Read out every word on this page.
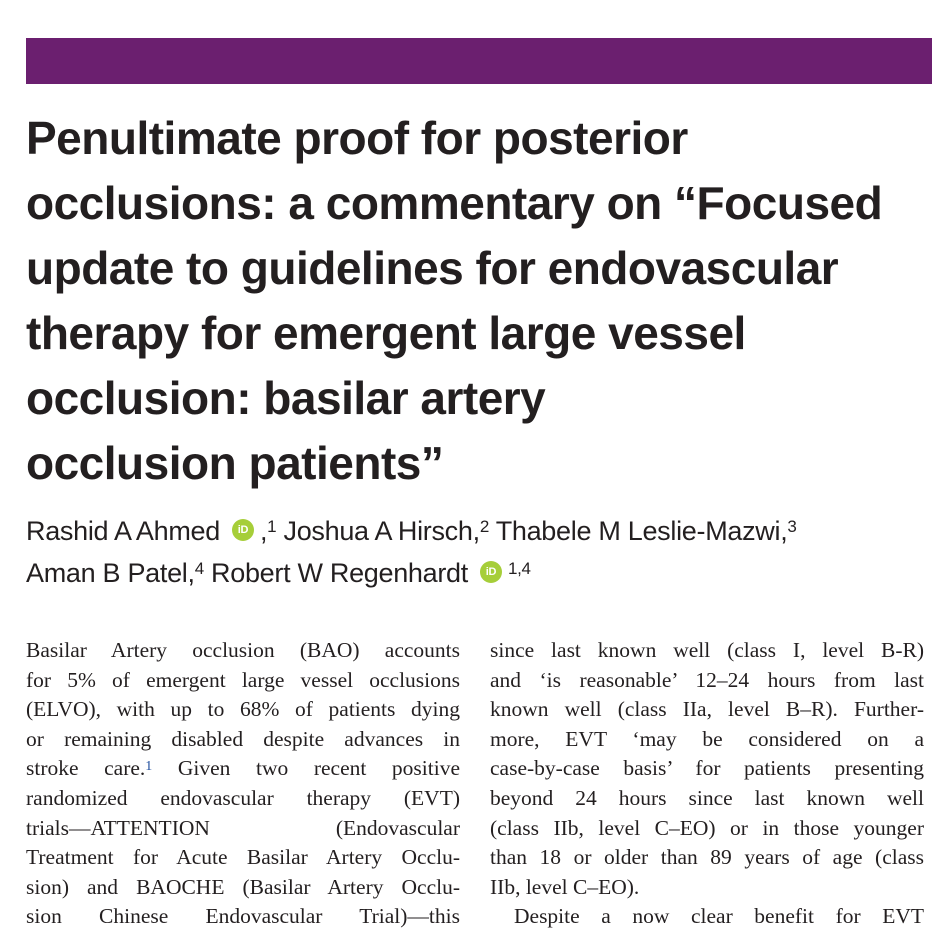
Penultimate proof for posterior
occlusions: a commentary on “Focused
update to guidelines for endovascular
therapy for emergent large vessel
occlusion: basilar artery
occlusion patients”
Rashid A Ahmed iD ,$^1$ Joshua A Hirsch,$^2$ Thabele M Leslie-Mazwi,$^3$
Aman B Patel,$^4$ Robert W Regenhardt iD $^{1,4}$
Basilar Artery occlusion (BAO) accounts
for 5% of emergent large vessel occlusions
(ELVO), with up to 68% of patients dying
or remaining disabled despite advances in
stroke care.$^1$ Given two recent positive
randomized endovascular therapy (EVT)
trials—ATTENTION (Endovascular
Treatment for Acute Basilar Artery Occlu-
sion) and BAOCHE (Basilar Artery Occlu-
sion Chinese Endovascular Trial)—this
since last known well (class I, level B-R)
and ‘is reasonable’ 12–24 hours from last
known well (class IIa, level B–R). Further-
more, EVT ‘may be considered on a
case-by-case basis’ for patients presenting
beyond 24 hours since last known well
(class IIb, level C–EO) or in those younger
than 18 or older than 89 years of age (class
IIb, level C–EO).
Despite a now clear benefit for EVT
